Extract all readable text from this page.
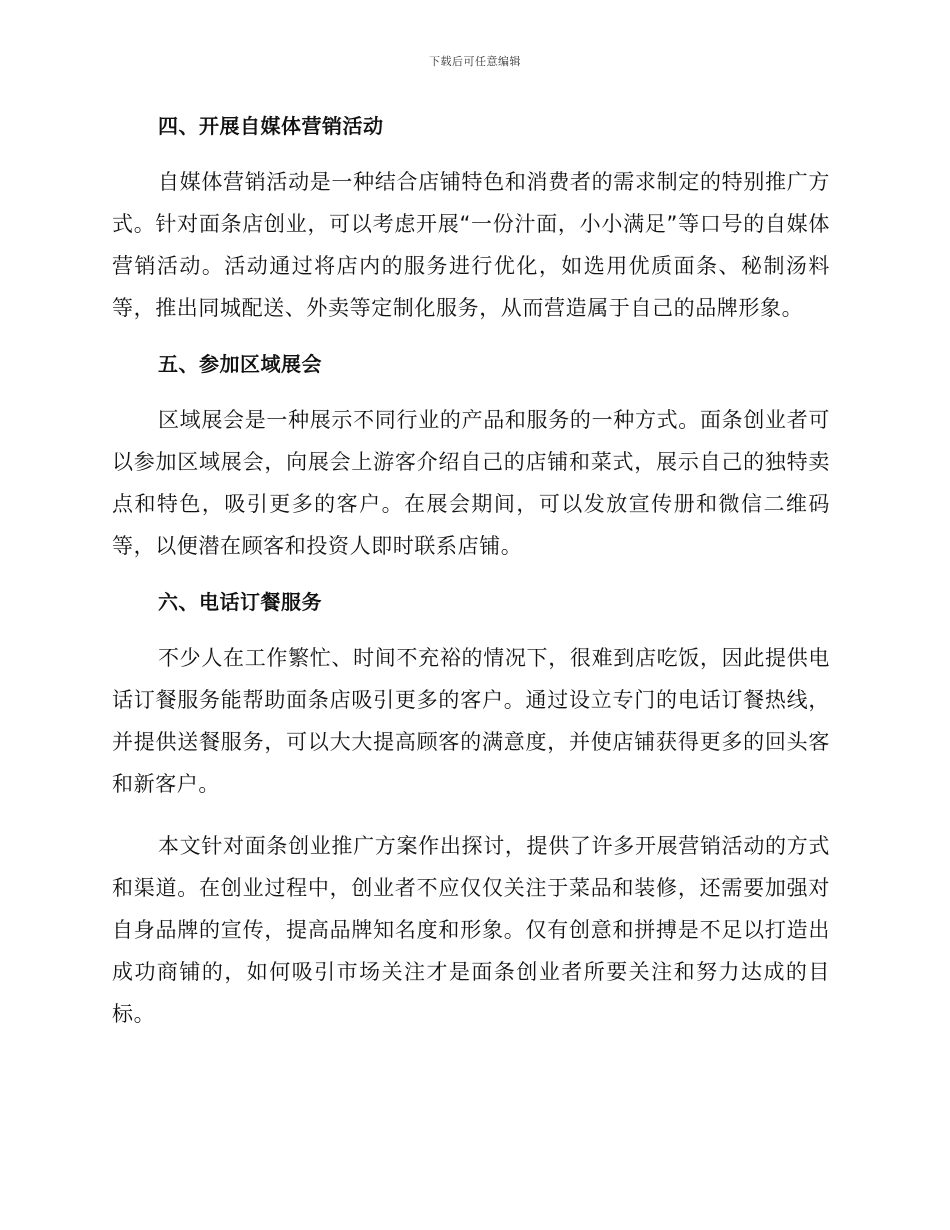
下载后可任意编辑
四、开展自媒体营销活动

自媒体营销活动是一种结合店铺特色和消费者的需求制定的特别推广方式。针对面条店创业，可以考虑开展“一份汁面，小小满足”等口号的自媒体营销活动。活动通过将店内的服务进行优化，如选用优质面条、秘制汤料等，推出同城配送、外卖等定制化服务，从而营造属于自己的品牌形象。

五、参加区域展会

区域展会是一种展示不同行业的产品和服务的一种方式。面条创业者可以参加区域展会，向展会上游客介绍自己的店铺和菜式，展示自己的独特卖点和特色，吸引更多的客户。在展会期间，可以发放宣传册和微信二维码等，以便潜在顾客和投资人即时联系店铺。

六、电话订餐服务

不少人在工作繁忙、时间不充裕的情况下，很难到店吃饭，因此提供电话订餐服务能帮助面条店吸引更多的客户。通过设立专门的电话订餐热线，并提供送餐服务，可以大大提高顾客的满意度，并使店铺获得更多的回头客和新客户。

本文针对面条创业推广方案作出探讨，提供了许多开展营销活动的方式和渠道。在创业过程中，创业者不应仅仅关注于菜品和装修，还需要加强对自身品牌的宣传，提高品牌知名度和形象。仅有创意和拼搏是不足以打造出成功商铺的，如何吸引市场关注才是面条创业者所要关注和努力达成的目标。
